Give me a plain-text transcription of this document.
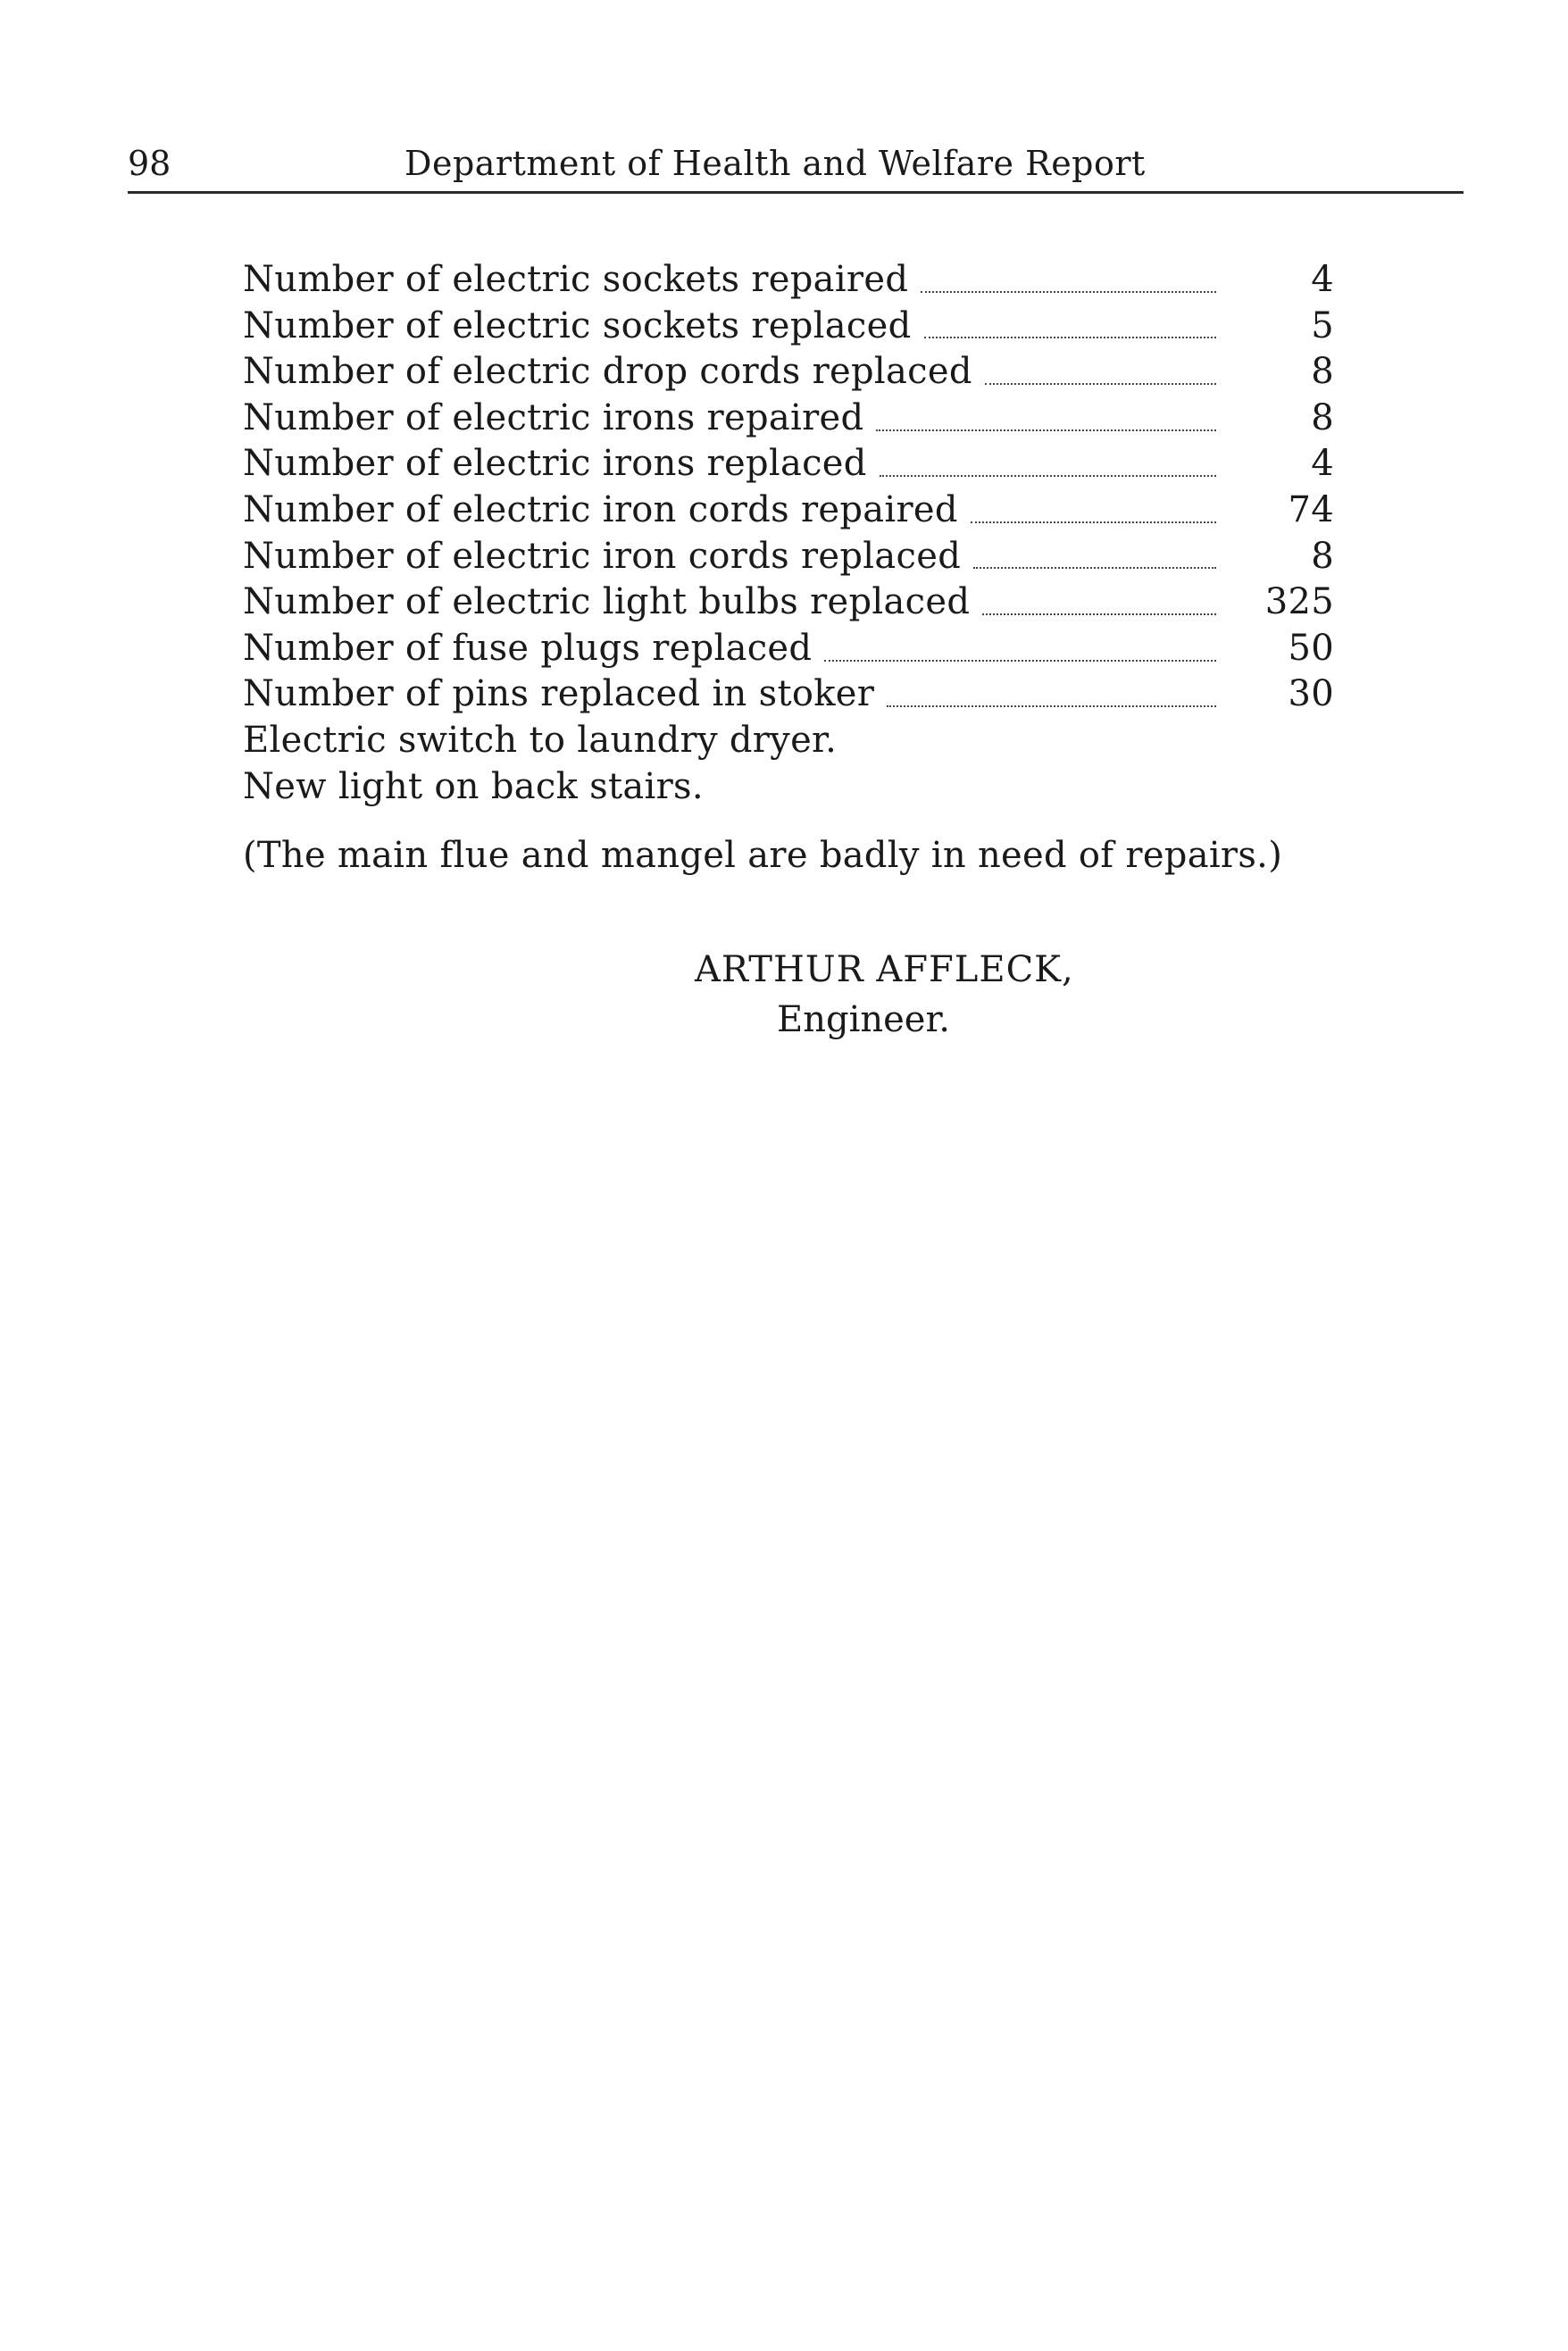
98	Department of Health and Welfare Report
Number of electric sockets repaired	4
Number of electric sockets replaced	5
Number of electric drop cords replaced	8
Number of electric irons repaired	8
Number of electric irons replaced	4
Number of electric iron cords repaired	74
Number of electric iron cords replaced	8
Number of electric light bulbs replaced	325
Number of fuse plugs replaced	50
Number of pins replaced in stoker	30
Electric switch to laundry dryer.
New light on back stairs.
(The main flue and mangel are badly in need of repairs.)
ARTHUR AFFLECK,
Engineer.
